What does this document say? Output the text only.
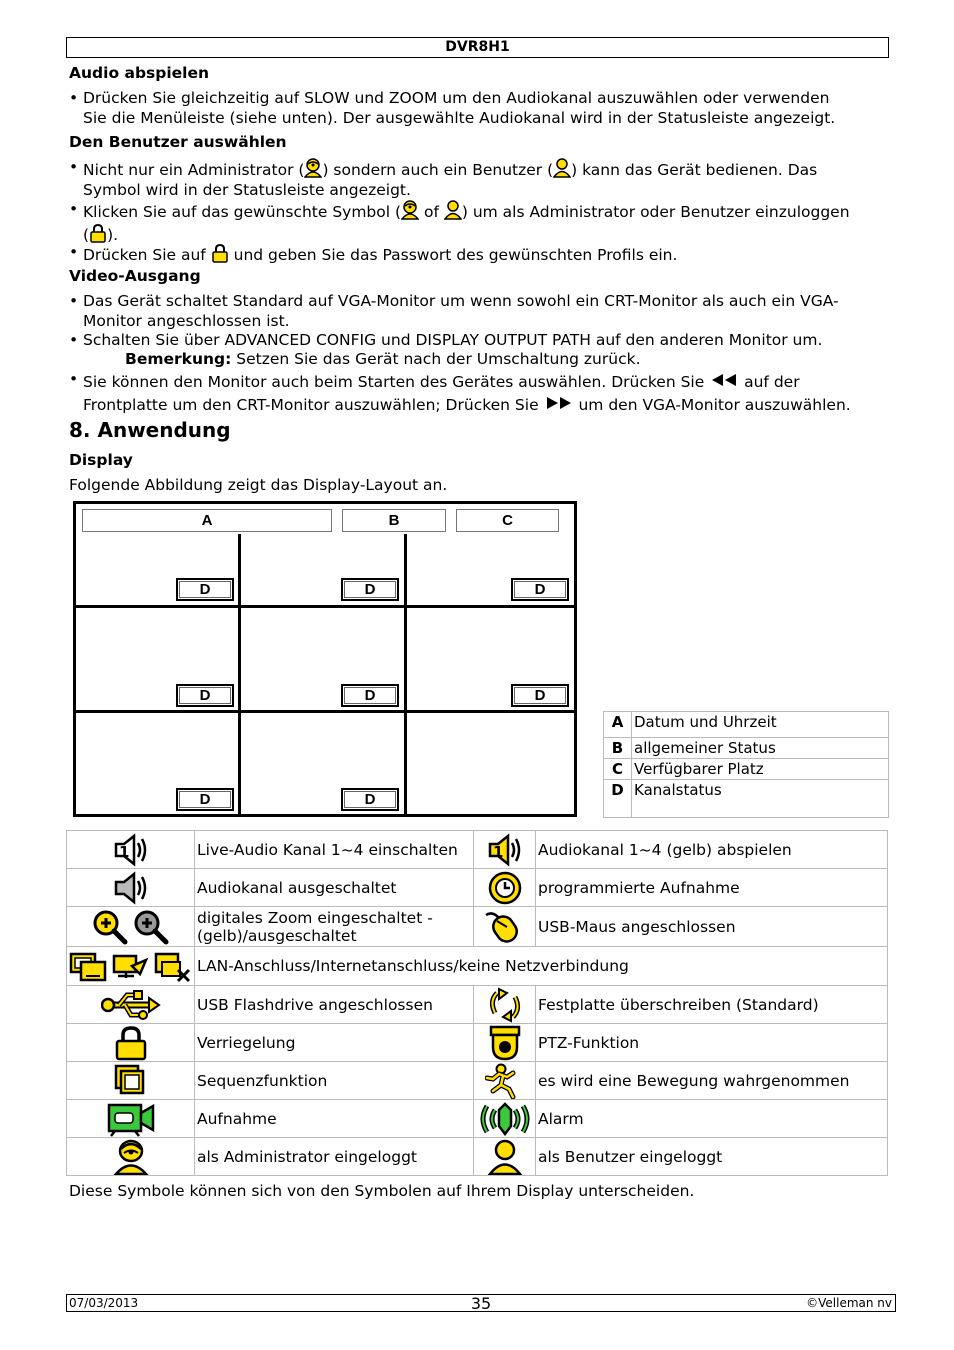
DVR8H1
Audio abspielen
• Drücken Sie gleichzeitig auf SLOW und ZOOM um den Audiokanal auszuwählen oder verwenden
Sie die Menüleiste (siehe unten). Der ausgewählte Audiokanal wird in der Statusleiste angezeigt.
Den Benutzer auswählen
• Nicht nur ein Administrator ( ) sondern auch ein Benutzer ( ) kann das Gerät bedienen. Das
Symbol wird in der Statusleiste angezeigt.
• Klicken Sie auf das gewünschte Symbol ( of ) um als Administrator oder Benutzer einzuloggen
( ).
• Drücken Sie auf  und geben Sie das Passwort des gewünschten Profils ein.
Video-Ausgang
• Das Gerät schaltet Standard auf VGA-Monitor um wenn sowohl ein CRT-Monitor als auch ein VGA-
Monitor angeschlossen ist.
• Schalten Sie über ADVANCED CONFIG und DISPLAY OUTPUT PATH auf den anderen Monitor um.
Bemerkung: Setzen Sie das Gerät nach der Umschaltung zurück.
• Sie können den Monitor auch beim Starten des Gerätes auswählen. Drücken Sie  auf der
Frontplatte um den CRT-Monitor auszuwählen; Drücken Sie  um den VGA-Monitor auszuwählen.
8. Anwendung
Display
Folgende Abbildung zeigt das Display-Layout an.
A	B	C
D	D	D
D	D	D
D	D
A	Datum und Uhrzeit
B	allgemeiner Status
C	Verfügbarer Platz
D	Kanalstatus
1	Live-Audio Kanal 1~4 einschalten	1	Audiokanal 1~4 (gelb) abspielen
	Audiokanal ausgeschaltet		programmierte Aufnahme
	digitales Zoom eingeschaltet - (gelb)/ausgeschaltet		USB-Maus angeschlossen
	LAN-Anschluss/Internetanschluss/keine Netzverbindung		
	USB Flashdrive angeschlossen		Festplatte überschreiben (Standard)
	Verriegelung		PTZ-Funktion
	Sequenzfunktion		es wird eine Bewegung wahrgenommen
	Aufnahme		Alarm
	als Administrator eingeloggt		als Benutzer eingeloggt
Diese Symbole können sich von den Symbolen auf Ihrem Display unterscheiden.
07/03/2013	35	©Velleman nv
